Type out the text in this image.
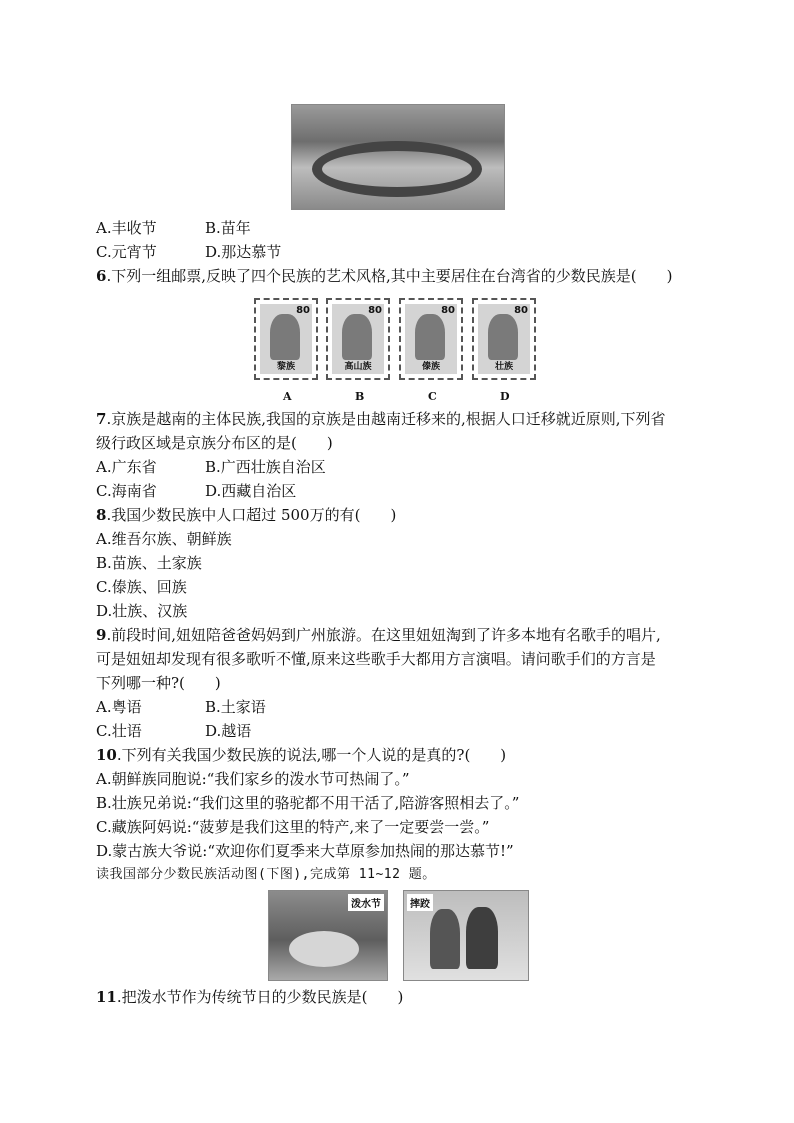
A.丰收节	B.苗年
C.元宵节	D.那达慕节
6.下列一组邮票,反映了四个民族的艺术风格,其中主要居住在台湾省的少数民族是(　　)
80
黎族
80
高山族
80
傣族
80
壮族
A	B	C	D
7.京族是越南的主体民族,我国的京族是由越南迁移来的,根据人口迁移就近原则,下列省
级行政区域是京族分布区的是(　　)
A.广东省	B.广西壮族自治区
C.海南省	D.西藏自治区
8.我国少数民族中人口超过 500万的有(　　)
A.维吾尔族、朝鲜族
B.苗族、土家族
C.傣族、回族
D.壮族、汉族
9.前段时间,妞妞陪爸爸妈妈到广州旅游。在这里妞妞淘到了许多本地有名歌手的唱片,
可是妞妞却发现有很多歌听不懂,原来这些歌手大都用方言演唱。请问歌手们的方言是
下列哪一种?(　　)
A.粤语	B.土家语
C.壮语	D.越语
10.下列有关我国少数民族的说法,哪一个人说的是真的?(　　)
A.朝鲜族同胞说:“我们家乡的泼水节可热闹了。”
B.壮族兄弟说:“我们这里的骆驼都不用干活了,陪游客照相去了。”
C.藏族阿妈说:“菠萝是我们这里的特产,来了一定要尝一尝。”
D.蒙古族大爷说:“欢迎你们夏季来大草原参加热闹的那达慕节!”
读我国部分少数民族活动图(下图),完成第 11~12 题。
泼水节	摔跤
11.把泼水节作为传统节日的少数民族是(　　)
